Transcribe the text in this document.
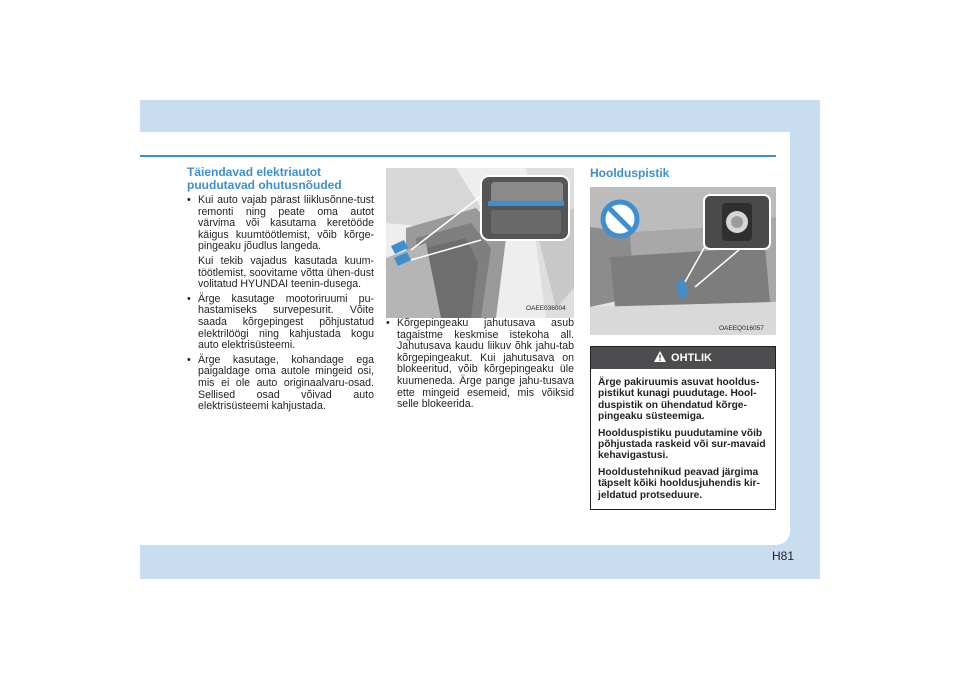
Täiendavad elektriautot puudutavad ohutusnõuded
• Kui auto vajab pärast liiklusõnne-tust remonti ning peate oma autot värvima või kasutama keretööde käigus kuumtöötlemist, võib kõrge-pingeaku jõudlus langeda.
Kui tekib vajadus kasutada kuum-töötlemist, soovitame võtta ühen-dust volitatud HYUNDAI teenin-dusega.
• Ärge kasutage mootoriruumi pu-hastamiseks survepesurit. Võite saada kõrgepingest põhjustatud elektrilöögi ning kahjustada kogu auto elektrisüsteemi.
• Ärge kasutage, kohandage ega paigaldage oma autole mingeid osi, mis ei ole auto originaalvaru-osad. Sellised osad võivad auto elektrisüsteemi kahjustada.
OAEE036004
• Kõrgepingeaku jahutusava asub tagaistme keskmise istekoha all. Jahutusava kaudu liikuv õhk jahu-tab kõrgepingeakut. Kui jahutusava on blokeeritud, võib kõrgepingeaku üle kuumeneda. Ärge pange jahu-tusava ette mingeid esemeid, mis võiksid selle blokeerida.
Hoolduspistik
OAEEQ016057
OHTLIK

Ärge pakiruumis asuvat hooldus-pistikut kunagi puudutage. Hool-duspistik on ühendatud kõrge-pingeaku süsteemiga.

Hoolduspistiku puudutamine võib põhjustada raskeid või sur-mavaid kehavigastusi.

Hooldustehnikud peavad järgima täpselt kõiki hooldusjuhendis kir-jeldatud protseduure.

H81
